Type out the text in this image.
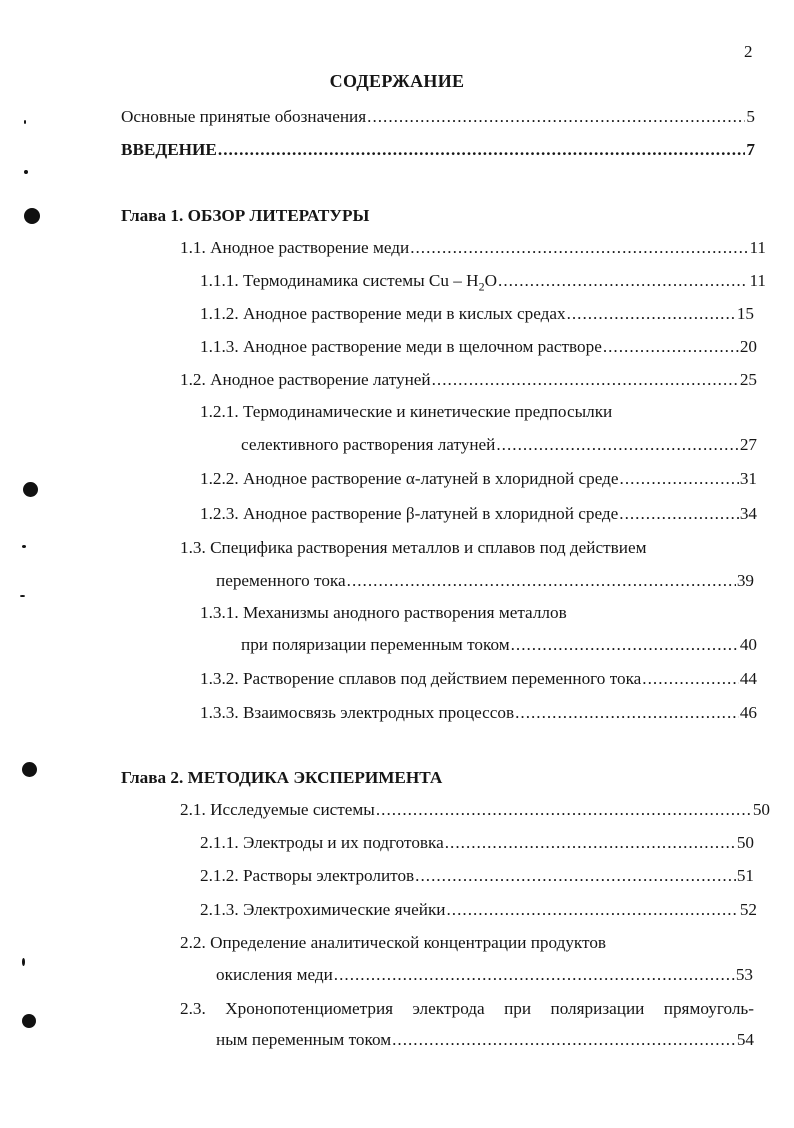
2
СОДЕРЖАНИЕ
Основные принятые обозначения .....	5
ВВЕДЕНИЕ .....	7
Глава 1. ОБЗОР ЛИТЕРАТУРЫ
1.1. Анодное растворение меди .....	11
1.1.1. Термодинамика системы Cu – $H_2O$ .....	11
1.1.2. Анодное растворение меди в кислых средах .....	15
1.1.3. Анодное растворение меди в щелочном растворе .....	20
1.2. Анодное растворение латуней .....	25
1.2.1. Термодинамические и кинетические предпосылки
селективного растворения латуней .....	27
1.2.2. Анодное растворение α-латуней в хлоридной среде .....	31
1.2.3. Анодное растворение β-латуней в хлоридной среде .....	34
1.3. Специфика растворения металлов и сплавов под действием
переменного тока .....	39
1.3.1. Механизмы анодного растворения металлов
при поляризации переменным током .....	40
1.3.2. Растворение сплавов под действием переменного тока .....	44
1.3.3. Взаимосвязь электродных процессов .....	46
Глава 2. МЕТОДИКА ЭКСПЕРИМЕНТА
2.1. Исследуемые системы .....	50
2.1.1. Электроды и их подготовка .....	50
2.1.2. Растворы электролитов .....	51
2.1.3. Электрохимические ячейки .....	52
2.2. Определение аналитической концентрации продуктов
окисления меди .....	53
2.3. Хронопотенциометрия электрода при поляризации прямоуголь-
ным переменным током .....	54
